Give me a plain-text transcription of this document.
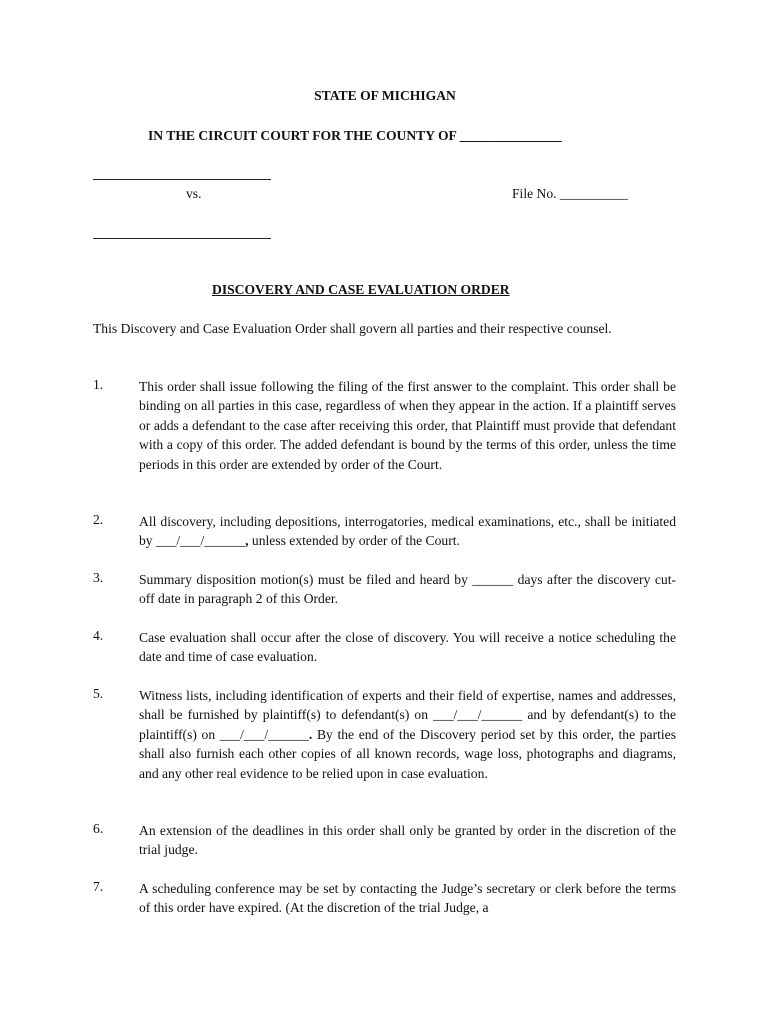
STATE OF MICHIGAN
IN THE CIRCUIT COURT FOR THE COUNTY OF _______________
vs.	File No. __________
DISCOVERY AND CASE EVALUATION ORDER
This Discovery and Case Evaluation Order shall govern all parties and their respective counsel.
1.	This order shall issue following the filing of the first answer to the complaint. This order shall be binding on all parties in this case, regardless of when they appear in the action. If a plaintiff serves or adds a defendant to the case after receiving this order, that Plaintiff must provide that defendant with a copy of this order. The added defendant is bound by the terms of this order, unless the time periods in this order are extended by order of the Court.
2.	All discovery, including depositions, interrogatories, medical examinations, etc., shall be initiated by ___/___/______, unless extended by order of the Court.
3.	Summary disposition motion(s) must be filed and heard by ______ days after the discovery cut-off date in paragraph 2 of this Order.
4.	Case evaluation shall occur after the close of discovery. You will receive a notice scheduling the date and time of case evaluation.
5.	Witness lists, including identification of experts and their field of expertise, names and addresses, shall be furnished by plaintiff(s) to defendant(s) on ___/___/______ and by defendant(s) to the plaintiff(s) on ___/___/______. By the end of the Discovery period set by this order, the parties shall also furnish each other copies of all known records, wage loss, photographs and diagrams, and any other real evidence to be relied upon in case evaluation.
6.	An extension of the deadlines in this order shall only be granted by order in the discretion of the trial judge.
7.	A scheduling conference may be set by contacting the Judge’s secretary or clerk before the terms of this order have expired. (At the discretion of the trial Judge, a
